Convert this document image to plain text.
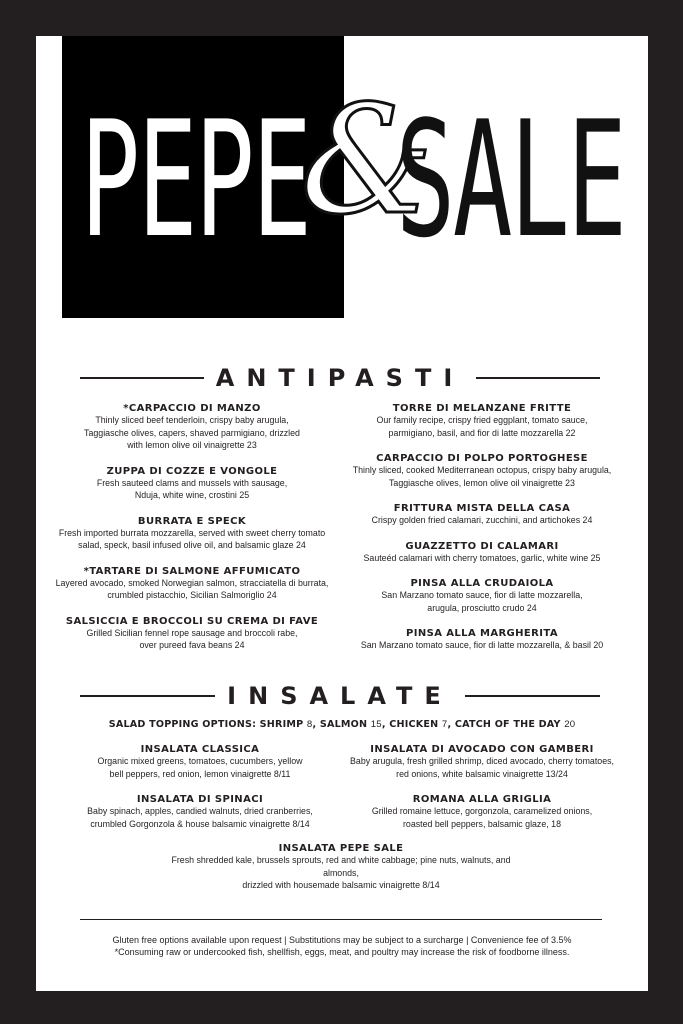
PEPE
&
SALE
ANTIPASTI
*CARPACCIO DI MANZO
Thinly sliced beef tenderloin, crispy baby arugula,
Taggiasche olives, capers, shaved parmigiano, drizzled
with lemon olive oil vinaigrette 23
ZUPPA DI COZZE E VONGOLE
Fresh sauteed clams and mussels with sausage,
Nduja, white wine, crostini 25
BURRATA E SPECK
Fresh imported burrata mozzarella, served with sweet cherry tomato
salad, speck, basil infused olive oil, and balsamic glaze 24
*TARTARE DI SALMONE AFFUMICATO
Layered avocado, smoked Norwegian salmon, stracciatella di burrata,
crumbled pistacchio, Sicilian Salmoriglio 24
SALSICCIA E BROCCOLI SU CREMA DI FAVE
Grilled Sicilian fennel rope sausage and broccoli rabe,
over pureed fava beans 24
TORRE DI MELANZANE FRITTE
Our family recipe, crispy fried eggplant, tomato sauce,
parmigiano, basil, and fior di latte mozzarella 22
CARPACCIO DI POLPO PORTOGHESE
Thinly sliced, cooked Mediterranean octopus, crispy baby arugula,
Taggiasche olives, lemon olive oil vinaigrette 23
FRITTURA MISTA DELLA CASA
Crispy golden fried calamari, zucchini, and artichokes 24
GUAZZETTO DI CALAMARI
Sauteéd calamari with cherry tomatoes, garlic, white wine 25
PINSA ALLA CRUDAIOLA
San Marzano tomato sauce, fior di latte mozzarella,
arugula, prosciutto crudo 24
PINSA ALLA MARGHERITA
San Marzano tomato sauce, fior di latte mozzarella, & basil 20
INSALATE
SALAD TOPPING OPTIONS: SHRIMP 8, SALMON 15, CHICKEN 7, CATCH OF THE DAY 20
INSALATA CLASSICA
Organic mixed greens, tomatoes, cucumbers, yellow
bell peppers, red onion, lemon vinaigrette 8/11
INSALATA DI SPINACI
Baby spinach, apples, candied walnuts, dried cranberries,
crumbled Gorgonzola & house balsamic vinaigrette 8/14
INSALATA DI AVOCADO CON GAMBERI
Baby arugula, fresh grilled shrimp, diced avocado, cherry tomatoes,
red onions, white balsamic vinaigrette 13/24
ROMANA ALLA GRIGLIA
Grilled romaine lettuce, gorgonzola, caramelized onions,
roasted bell peppers, balsamic glaze, 18
INSALATA PEPE SALE
Fresh shredded kale, brussels sprouts, red and white cabbage; pine nuts, walnuts, and almonds,
drizzled with housemade balsamic vinaigrette 8/14
Gluten free options available upon request | Substitutions may be subject to a surcharge | Convenience fee of 3.5%
*Consuming raw or undercooked fish, shellfish, eggs, meat, and poultry may increase the risk of foodborne illness.
